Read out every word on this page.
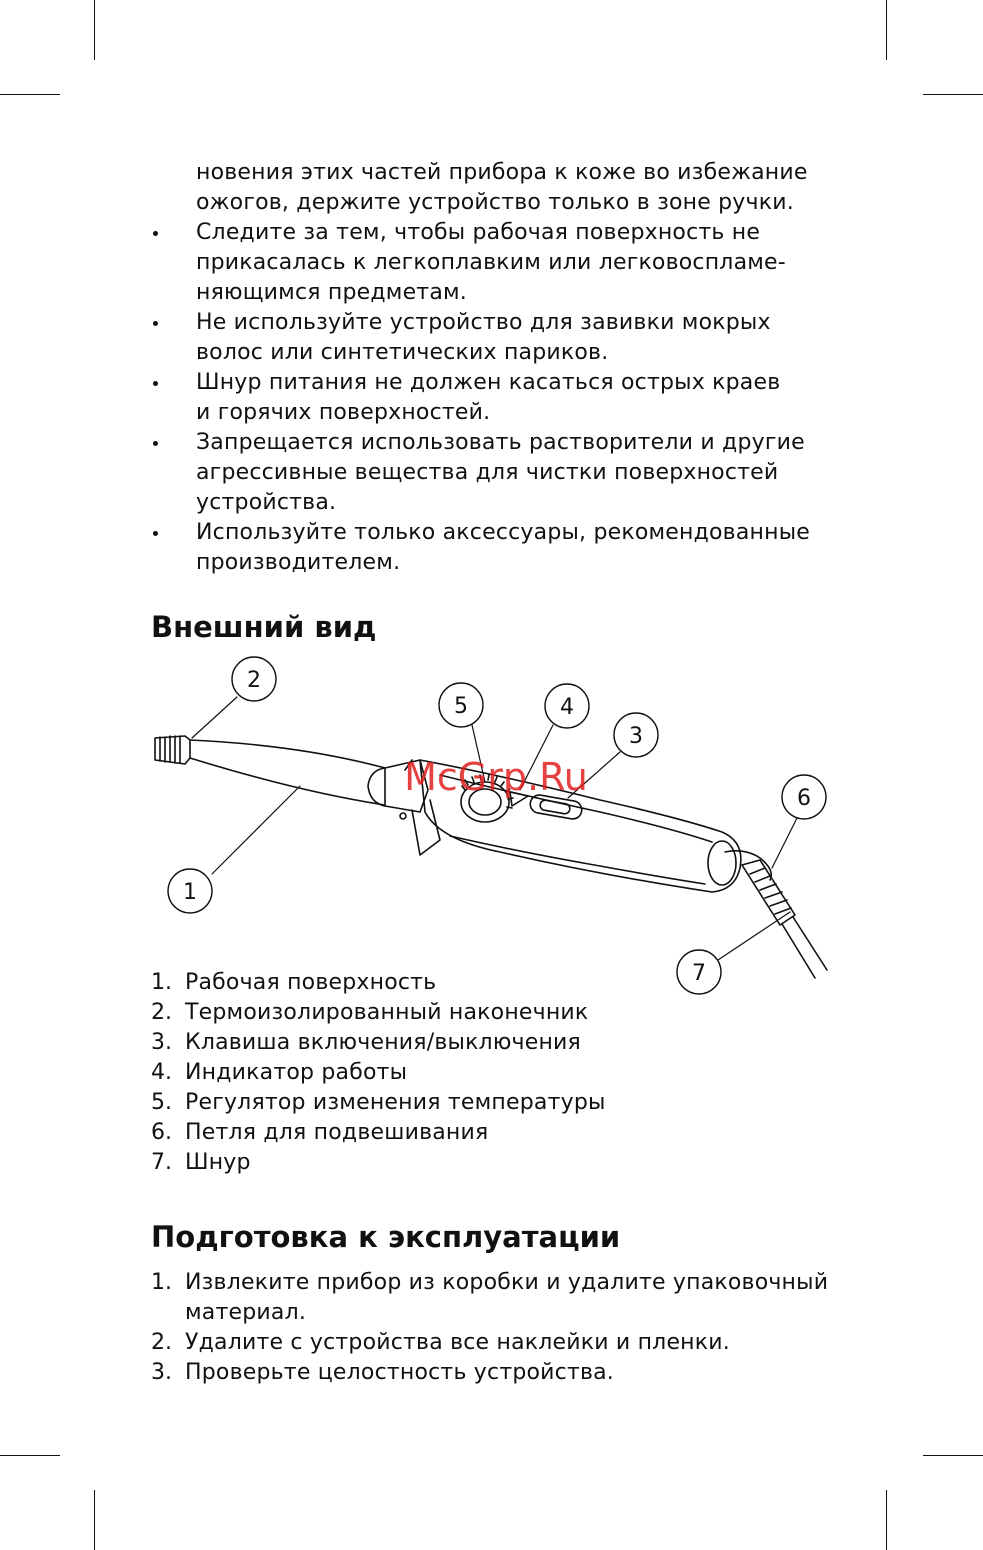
новения этих частей прибора к коже во избежание
ожогов, держите устройство только в зоне ручки.
Следите за тем, чтобы рабочая поверхность не
прикасалась к легкоплавким или легковоспламе-
няющимся предметам.
Не используйте устройство для завивки мокрых
волос или синтетических париков.
Шнур питания не должен касаться острых краев
и горячих поверхностей.
Запрещается использовать растворители и другие
агрессивные вещества для чистки поверхностей
устройства.
Используйте только аксессуары, рекомендованные
производителем.
Внешний вид
1
2
3
4
5
6
7
McGrp.Ru
1. Рабочая поверхность
2. Термоизолированный наконечник
3. Клавиша включения/выключения
4. Индикатор работы
5. Регулятор изменения температуры
6. Петля для подвешивания
7. Шнур
Подготовка к эксплуатации
1. Извлеките прибор из коробки и удалите упаковочный
материал.
2. Удалите с устройства все наклейки и пленки.
3. Проверьте целостность устройства.
